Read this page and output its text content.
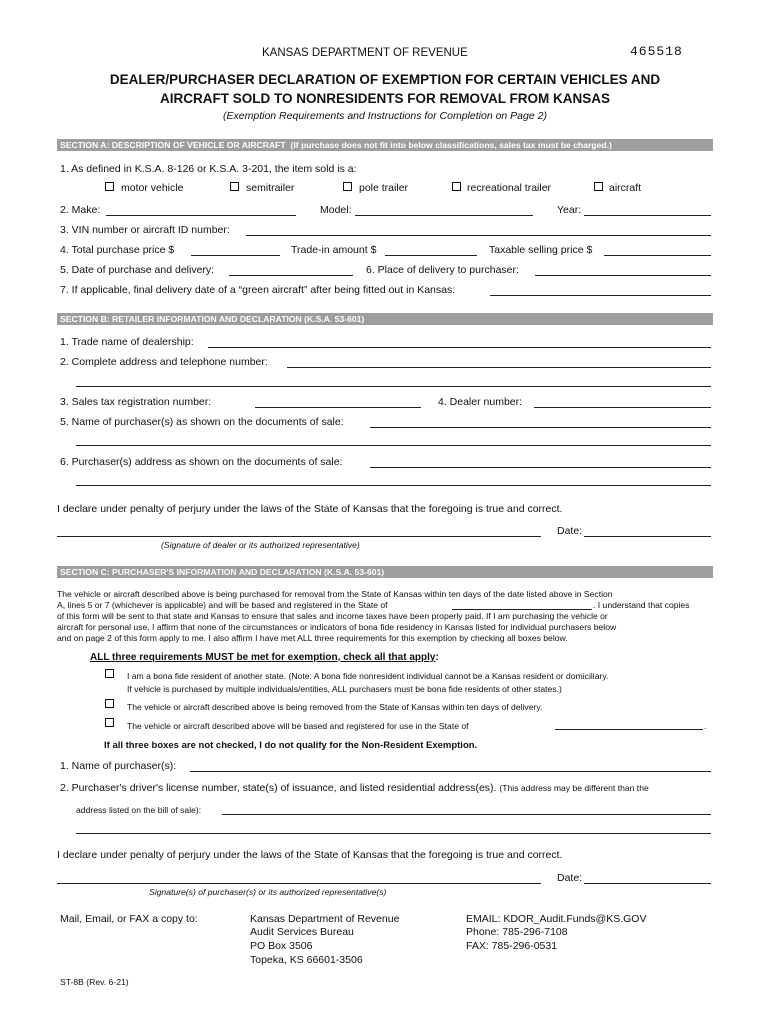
KANSAS DEPARTMENT OF REVENUE	465518
DEALER/PURCHASER DECLARATION OF EXEMPTION FOR CERTAIN VEHICLES AND
AIRCRAFT SOLD TO NONRESIDENTS FOR REMOVAL FROM KANSAS
(Exemption Requirements and Instructions for Completion on Page 2)
SECTION A: DESCRIPTION OF VEHICLE OR AIRCRAFT (If purchase does not fit into below classifications, sales tax must be charged.)
1. As defined in K.S.A. 8-126 or K.S.A. 3-201, the item sold is a:
motor vehicle	semitrailer	pole trailer	recreational trailer	aircraft
2. Make:	Model:	Year:
3. VIN number or aircraft ID number:
4. Total purchase price $	Trade-in amount $	Taxable selling price $
5. Date of purchase and delivery:	6. Place of delivery to purchaser:
7. If applicable, final delivery date of a “green aircraft” after being fitted out in Kansas:
SECTION B: RETAILER INFORMATION AND DECLARATION (K.S.A. 53-601)
1. Trade name of dealership:
2. Complete address and telephone number:
3. Sales tax registration number:	4. Dealer number:
5. Name of purchaser(s) as shown on the documents of sale:
6. Purchaser(s) address as shown on the documents of sale:
I declare under penalty of perjury under the laws of the State of Kansas that the foregoing is true and correct.
Date:
(Signature of dealer or its authorized representative)
SECTION C: PURCHASER'S INFORMATION AND DECLARATION (K.S.A. 53-601)
The vehicle or aircraft described above is being purchased for removal from the State of Kansas within ten days of the date listed above in Section
A, lines 5 or 7 (whichever is applicable) and will be based and registered in the State of	. I understand that copies
of this form will be sent to that state and Kansas to ensure that sales and income taxes have been properly paid. If I am purchasing the vehicle or
aircraft for personal use, I affirm that none of the circumstances or indicators of bona fide residency in Kansas listed for individual purchasers below
and on page 2 of this form apply to me. I also affirm I have met ALL three requirements for this exemption by checking all boxes below.
ALL three requirements MUST be met for exemption, check all that apply:
I am a bona fide resident of another state. (Note: A bona fide nonresident individual cannot be a Kansas resident or domiciliary.
If vehicle is purchased by multiple individuals/entities, ALL purchasers must be bona fide residents of other states.)
The vehicle or aircraft described above is being removed from the State of Kansas within ten days of delivery.
The vehicle or aircraft described above will be based and registered for use in the State of	.
If all three boxes are not checked, I do not qualify for the Non-Resident Exemption.
1. Name of purchaser(s):
2. Purchaser's driver's license number, state(s) of issuance, and listed residential address(es). (This address may be different than the
address listed on the bill of sale):
I declare under penalty of perjury under the laws of the State of Kansas that the foregoing is true and correct.
Date:
Signature(s) of purchaser(s) or its authorized representative(s)
Mail, Email, or FAX a copy to:	Kansas Department of Revenue
Audit Services Bureau
PO Box 3506
Topeka, KS 66601-3506
EMAIL: KDOR_Audit.Funds@KS.GOV
Phone: 785-296-7108
FAX: 785-296-0531
ST-8B (Rev. 6-21)
